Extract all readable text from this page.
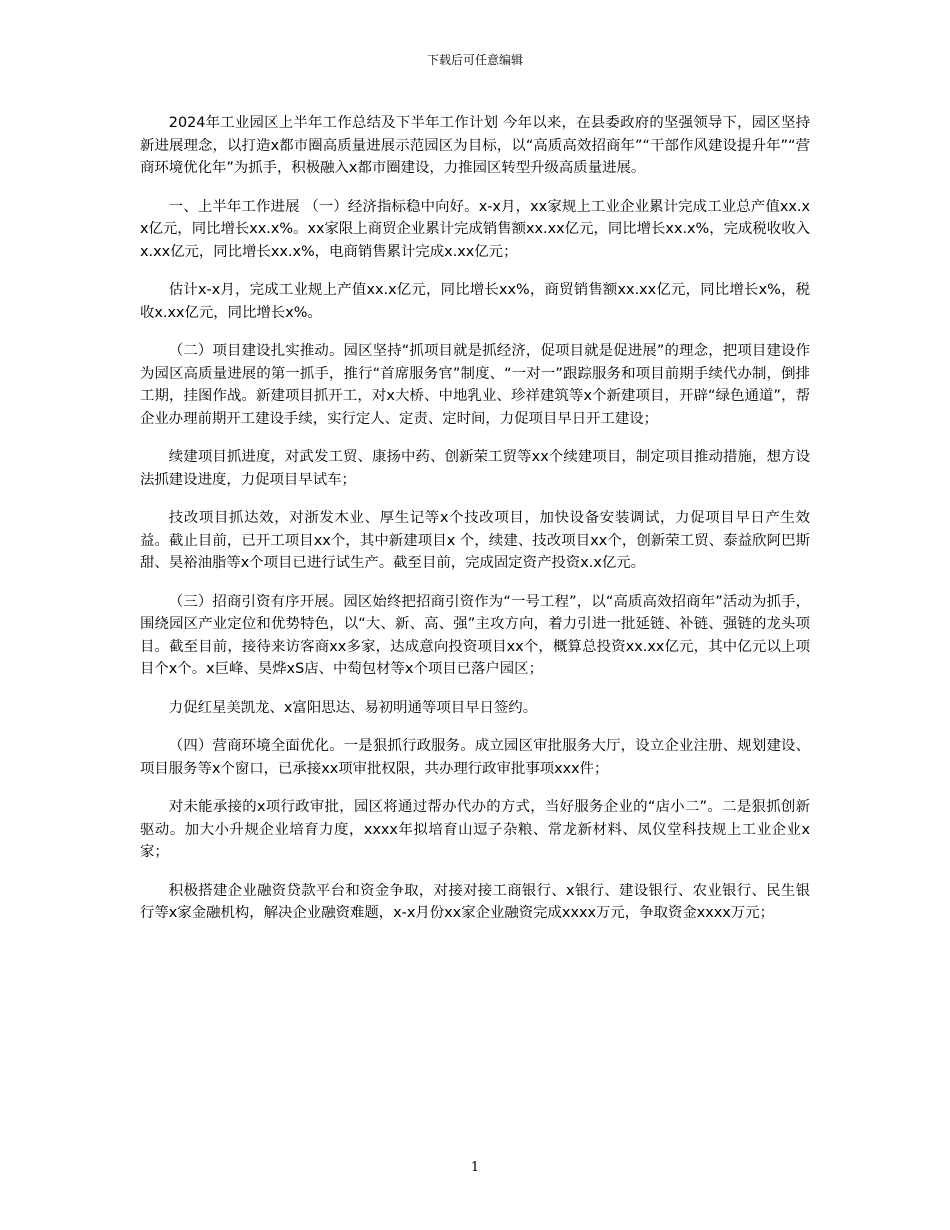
下载后可任意编辑

2024年工业园区上半年工作总结及下半年工作计划 今年以来，在县委政府的坚强领导下，园区坚持新进展理念，以打造x都市圈高质量进展示范园区为目标，以“高质高效招商年”“干部作风建设提升年”“营商环境优化年”为抓手，积极融入x都市圈建设，力推园区转型升级高质量进展。

一、上半年工作进展 （一）经济指标稳中向好。x-x月，xx家规上工业企业累计完成工业总产值xx.xx亿元，同比增长xx.x%。xx家限上商贸企业累计完成销售额xx.xx亿元，同比增长xx.x%，完成税收收入x.xx亿元，同比增长xx.x%，电商销售累计完成x.xx亿元；

估计x-x月，完成工业规上产值xx.x亿元，同比增长xx%，商贸销售额xx.xx亿元，同比增长x%，税收x.xx亿元，同比增长x%。

（二）项目建设扎实推动。园区坚持“抓项目就是抓经济，促项目就是促进展”的理念，把项目建设作为园区高质量进展的第一抓手，推行“首席服务官”制度、“一对一”跟踪服务和项目前期手续代办制，倒排工期，挂图作战。新建项目抓开工，对x大桥、中地乳业、珍祥建筑等x个新建项目，开辟“绿色通道”，帮企业办理前期开工建设手续，实行定人、定责、定时间，力促项目早日开工建设；

续建项目抓进度，对武发工贸、康扬中药、创新荣工贸等xx个续建项目，制定项目推动措施，想方设法抓建设进度，力促项目早试车；

技改项目抓达效，对浙发木业、厚生记等x个技改项目，加快设备安装调试，力促项目早日产生效益。截止目前，已开工项目xx个，其中新建项目x 个，续建、技改项目xx个，创新荣工贸、泰益欣阿巴斯甜、昊裕油脂等x个项目已进行试生产。截至目前，完成固定资产投资x.x亿元。

（三）招商引资有序开展。园区始终把招商引资作为“一号工程”，以“高质高效招商年”活动为抓手，围绕园区产业定位和优势特色，以“大、新、高、强”主攻方向，着力引进一批延链、补链、强链的龙头项目。截至目前，接待来访客商xx多家，达成意向投资项目xx个，概算总投资xx.xx亿元，其中亿元以上项目个x个。x巨峰、昊烨xS店、中萄包材等x个项目已落户园区；

力促红星美凯龙、x富阳思达、易初明通等项目早日签约。

（四）营商环境全面优化。一是狠抓行政服务。成立园区审批服务大厅，设立企业注册、规划建设、项目服务等x个窗口，已承接xx项审批权限，共办理行政审批事项xxx件；

对未能承接的x项行政审批，园区将通过帮办代办的方式，当好服务企业的“店小二”。二是狠抓创新驱动。加大小升规企业培育力度，xxxx年拟培育山逗子杂粮、常龙新材料、凤仪堂科技规上工业企业x家；

积极搭建企业融资贷款平台和资金争取，对接对接工商银行、x银行、建设银行、农业银行、民生银行等x家金融机构，解决企业融资难题，x-x月份xx家企业融资完成xxxx万元，争取资金xxxx万元；

1
